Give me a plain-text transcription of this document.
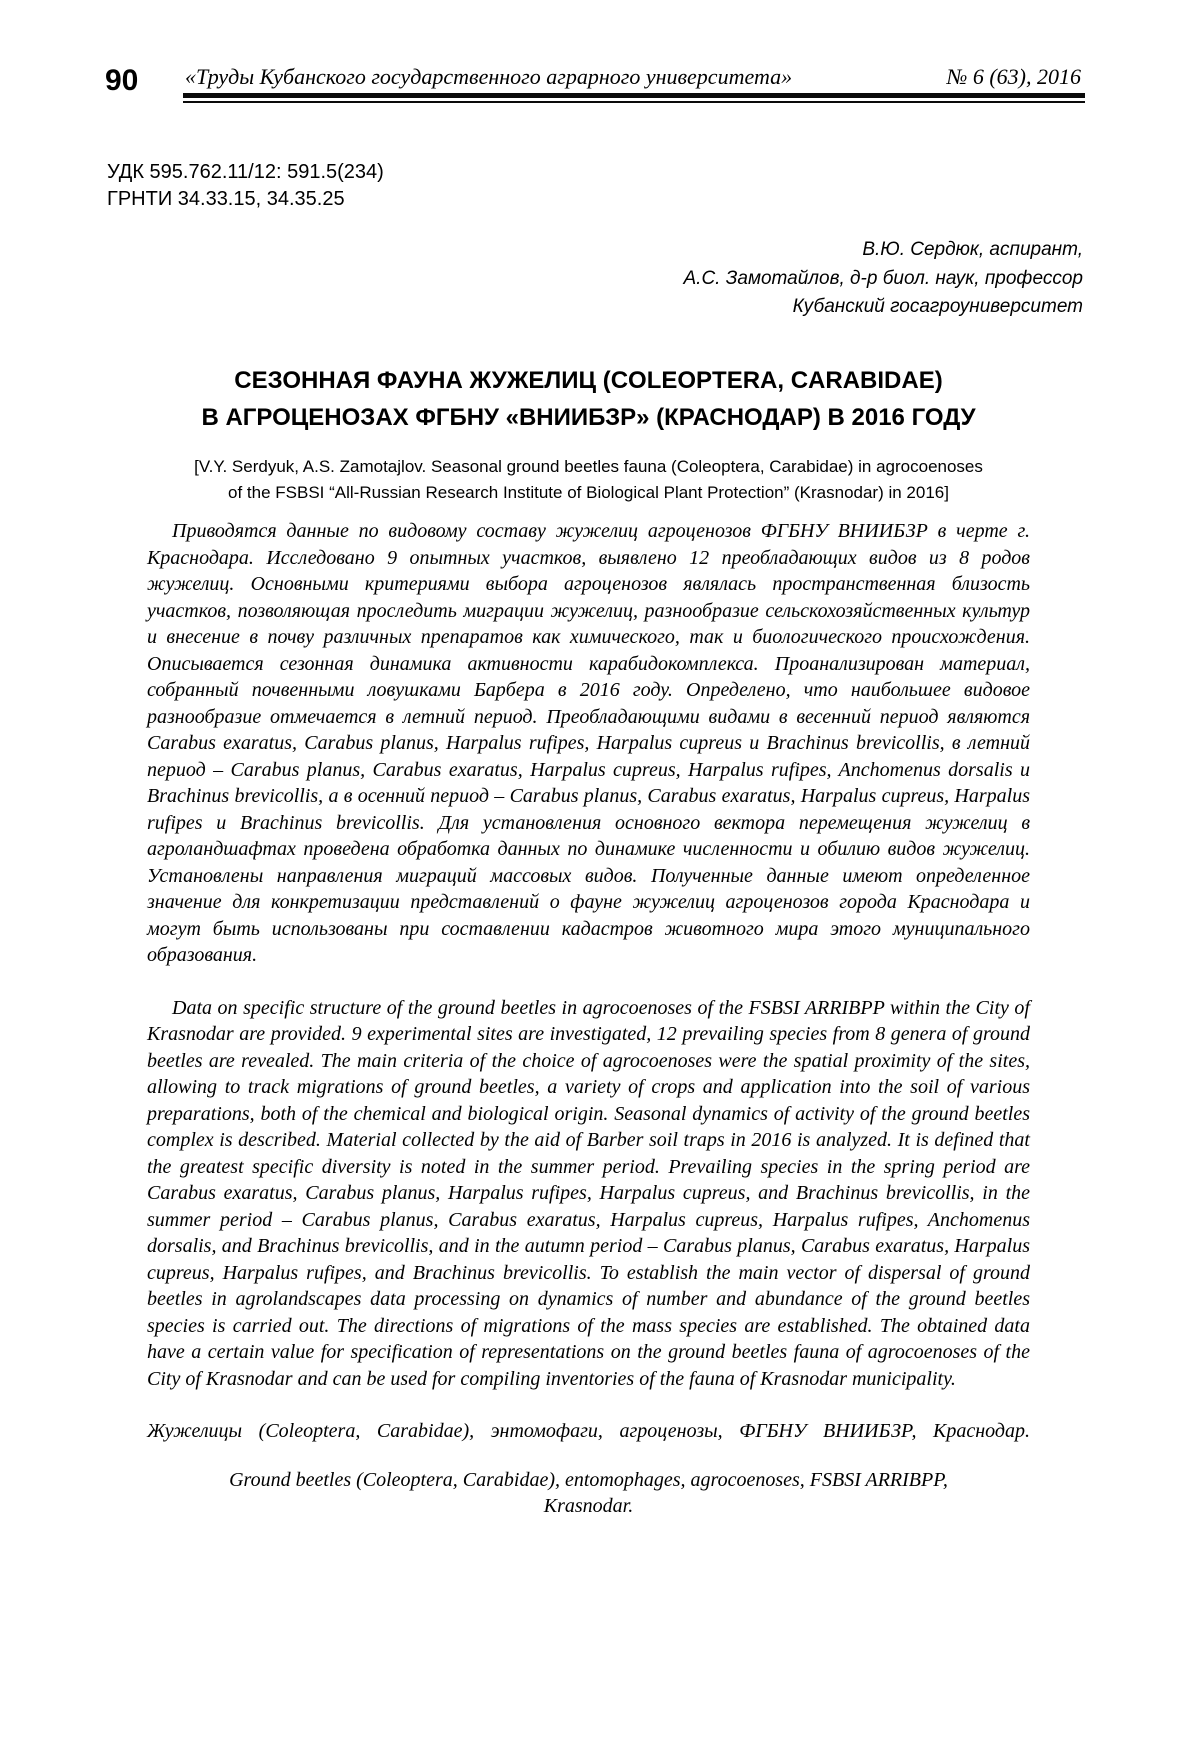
90	«Труды Кубанского государственного аграрного университета»	№ 6 (63), 2016
УДК 595.762.11/12: 591.5(234)
ГРНТИ 34.33.15, 34.35.25
В.Ю. Сердюк, аспирант,
А.С. Замотайлов, д-р биол. наук, профессор
Кубанский госагроуниверситет
СЕЗОННАЯ ФАУНА ЖУЖЕЛИЦ (COLEOPTERA, CARABIDAE)
В АГРОЦЕНОЗАХ ФГБНУ «ВНИИБЗР» (КРАСНОДАР) В 2016 ГОДУ
[V.Y. Serdyuk, A.S. Zamotajlov. Seasonal ground beetles fauna (Coleoptera, Carabidae) in agrocoenoses
of the FSBSI “All-Russian Research Institute of Biological Plant Protection” (Krasnodar) in 2016]

Приводятся данные по видовому составу жужелиц агроценозов ФГБНУ ВНИИБЗР в черте г. Краснодара. Исследовано 9 опытных участков, выявлено 12 преобладающих видов из 8 родов жужелиц. Основными критериями выбора агроценозов являлась пространственная близость участков, позволяющая проследить миграции жужелиц, разнообразие сельскохозяйственных культур и внесение в почву различных препаратов как химического, так и биологического происхождения. Описывается сезонная динамика активности карабидокомплекса. Проанализирован материал, собранный почвенными ловушками Барбера в 2016 году. Определено, что наибольшее видовое разнообразие отмечается в летний период. Преобладающими видами в весенний период являются Carabus exaratus, Carabus planus, Harpalus rufipes, Harpalus cupreus и Brachinus brevicollis, в летний период – Carabus planus, Carabus exaratus, Harpalus cupreus, Harpalus rufipes, Anchomenus dorsalis и Brachinus brevicollis, а в осенний период – Carabus planus, Carabus exaratus, Harpalus cupreus, Harpalus rufipes и Brachinus brevicollis. Для установления основного вектора перемещения жужелиц в агроландшафтах проведена обработка данных по динамике численности и обилию видов жужелиц. Установлены направления миграций массовых видов. Полученные данные имеют определенное значение для конкретизации представлений о фауне жужелиц агроценозов города Краснодара и могут быть использованы при составлении кадастров животного мира этого муниципального образования.

Data on specific structure of the ground beetles in agrocoenoses of the FSBSI ARRIBPP within the City of Krasnodar are provided. 9 experimental sites are investigated, 12 prevailing species from 8 genera of ground beetles are revealed. The main criteria of the choice of agrocoenoses were the spatial proximity of the sites, allowing to track migrations of ground beetles, a variety of crops and application into the soil of various preparations, both of the chemical and biological origin. Seasonal dynamics of activity of the ground beetles complex is described. Material collected by the aid of Barber soil traps in 2016 is analyzed. It is defined that the greatest specific diversity is noted in the summer period. Prevailing species in the spring period are Carabus exaratus, Carabus planus, Harpalus rufipes, Harpalus cupreus, and Brachinus brevicollis, in the summer period – Carabus planus, Carabus exaratus, Harpalus cupreus, Harpalus rufipes, Anchomenus dorsalis, and Brachinus brevicollis, and in the autumn period – Carabus planus, Carabus exaratus, Harpalus cupreus, Harpalus rufipes, and Brachinus brevicollis. To establish the main vector of dispersal of ground beetles in agrolandscapes data processing on dynamics of number and abundance of the ground beetles species is carried out. The directions of migrations of the mass species are established. The obtained data have a certain value for specification of representations on the ground beetles fauna of agrocoenoses of the City of Krasnodar and can be used for compiling inventories of the fauna of Krasnodar municipality.

Жужелицы (Coleoptera, Carabidae), энтомофаги, агроценозы, ФГБНУ ВНИИБЗР, Краснодар.
Ground beetles (Coleoptera, Carabidae), entomophages, agrocoenoses, FSBSI ARRIBPP,
Krasnodar.
